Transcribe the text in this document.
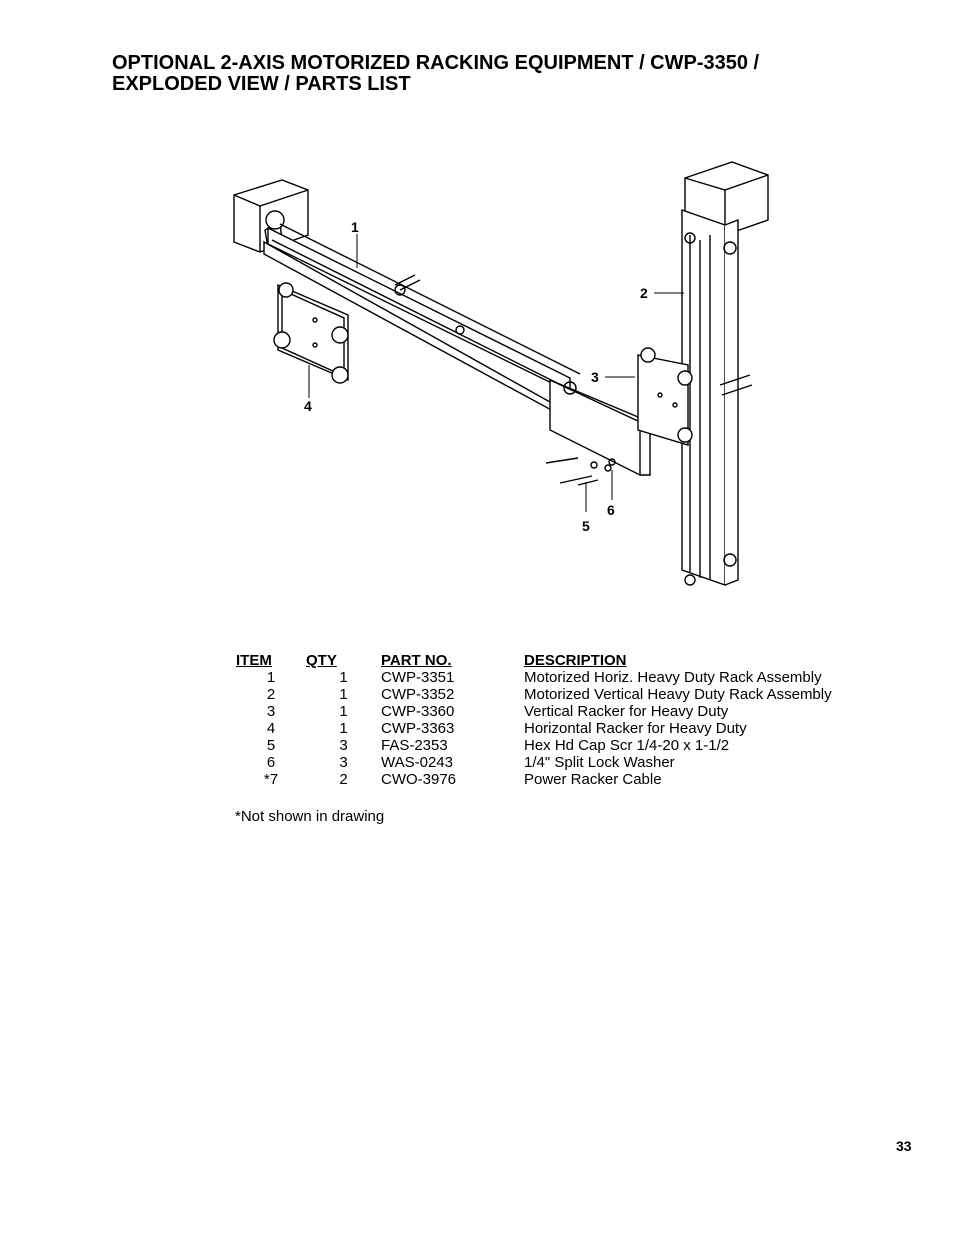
OPTIONAL 2-AXIS MOTORIZED RACKING EQUIPMENT / CWP-3350 /
EXPLODED VIEW / PARTS LIST
1
2
3
4
5
6
ITEM	QTY	PART NO.	DESCRIPTION
1	1	CWP-3351	Motorized Horiz. Heavy Duty Rack Assembly
2	1	CWP-3352	Motorized Vertical Heavy Duty Rack Assembly
3	1	CWP-3360	Vertical Racker for Heavy Duty
4	1	CWP-3363	Horizontal Racker for Heavy Duty
5	3	FAS-2353	Hex Hd Cap Scr 1/4-20 x 1-1/2
6	3	WAS-0243	1/4" Split Lock Washer
*7	2	CWO-3976	Power Racker Cable
*Not shown in drawing
33
